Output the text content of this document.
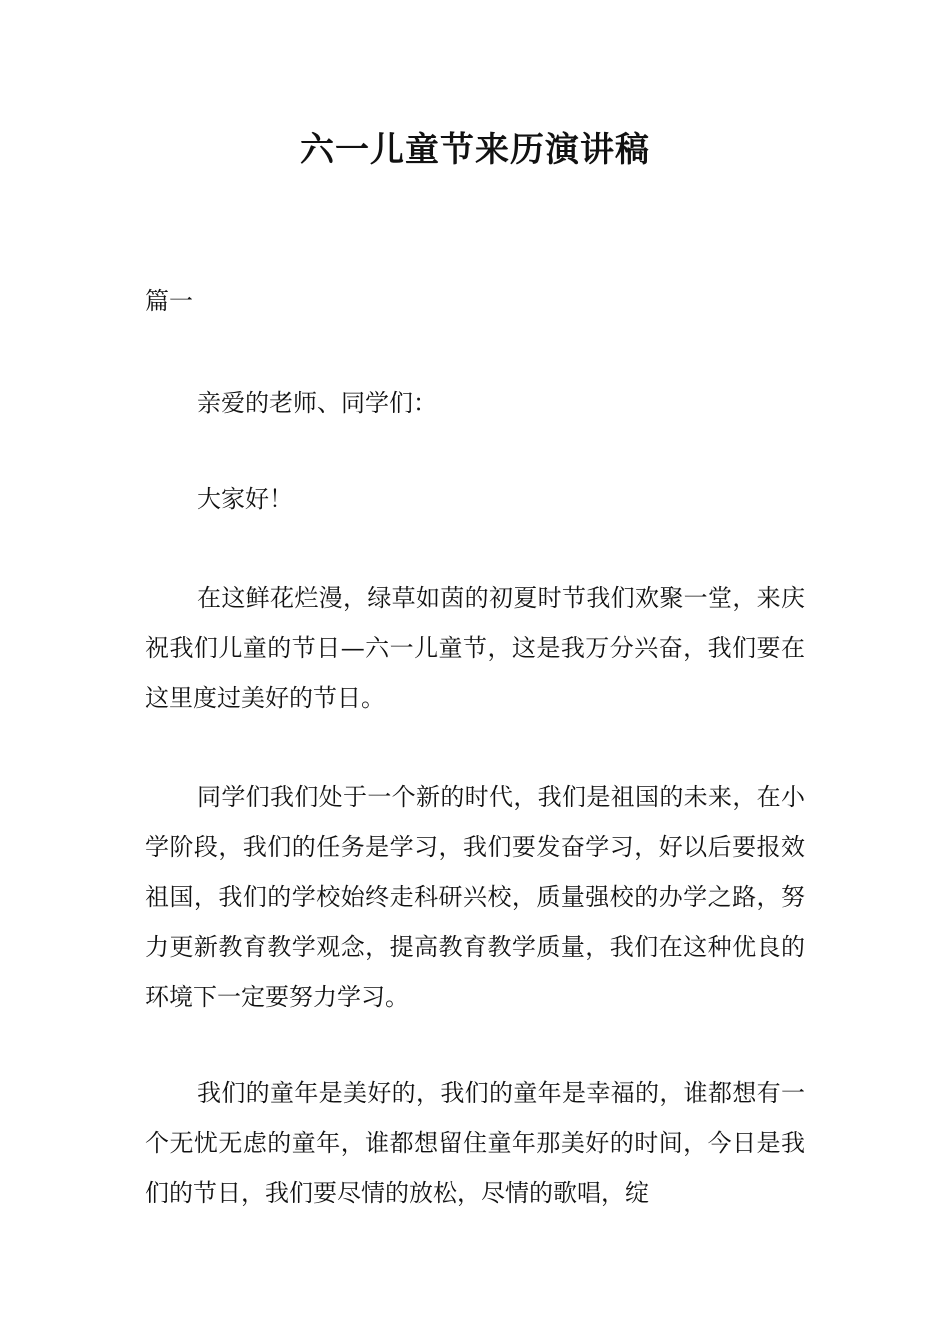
六一儿童节来历演讲稿

篇一

亲爱的老师、同学们：

大家好！

在这鲜花烂漫，绿草如茵的初夏时节我们欢聚一堂，来庆祝我们儿童的节日—六一儿童节，这是我万分兴奋，我们要在这里度过美好的节日。

同学们我们处于一个新的时代，我们是祖国的未来，在小学阶段，我们的任务是学习，我们要发奋学习，好以后要报效祖国，我们的学校始终走科研兴校，质量强校的办学之路，努力更新教育教学观念，提高教育教学质量，我们在这种优良的环境下一定要努力学习。

我们的童年是美好的，我们的童年是幸福的，谁都想有一个无忧无虑的童年，谁都想留住童年那美好的时间，今日是我们的节日，我们要尽情的放松，尽情的歌唱，绽
